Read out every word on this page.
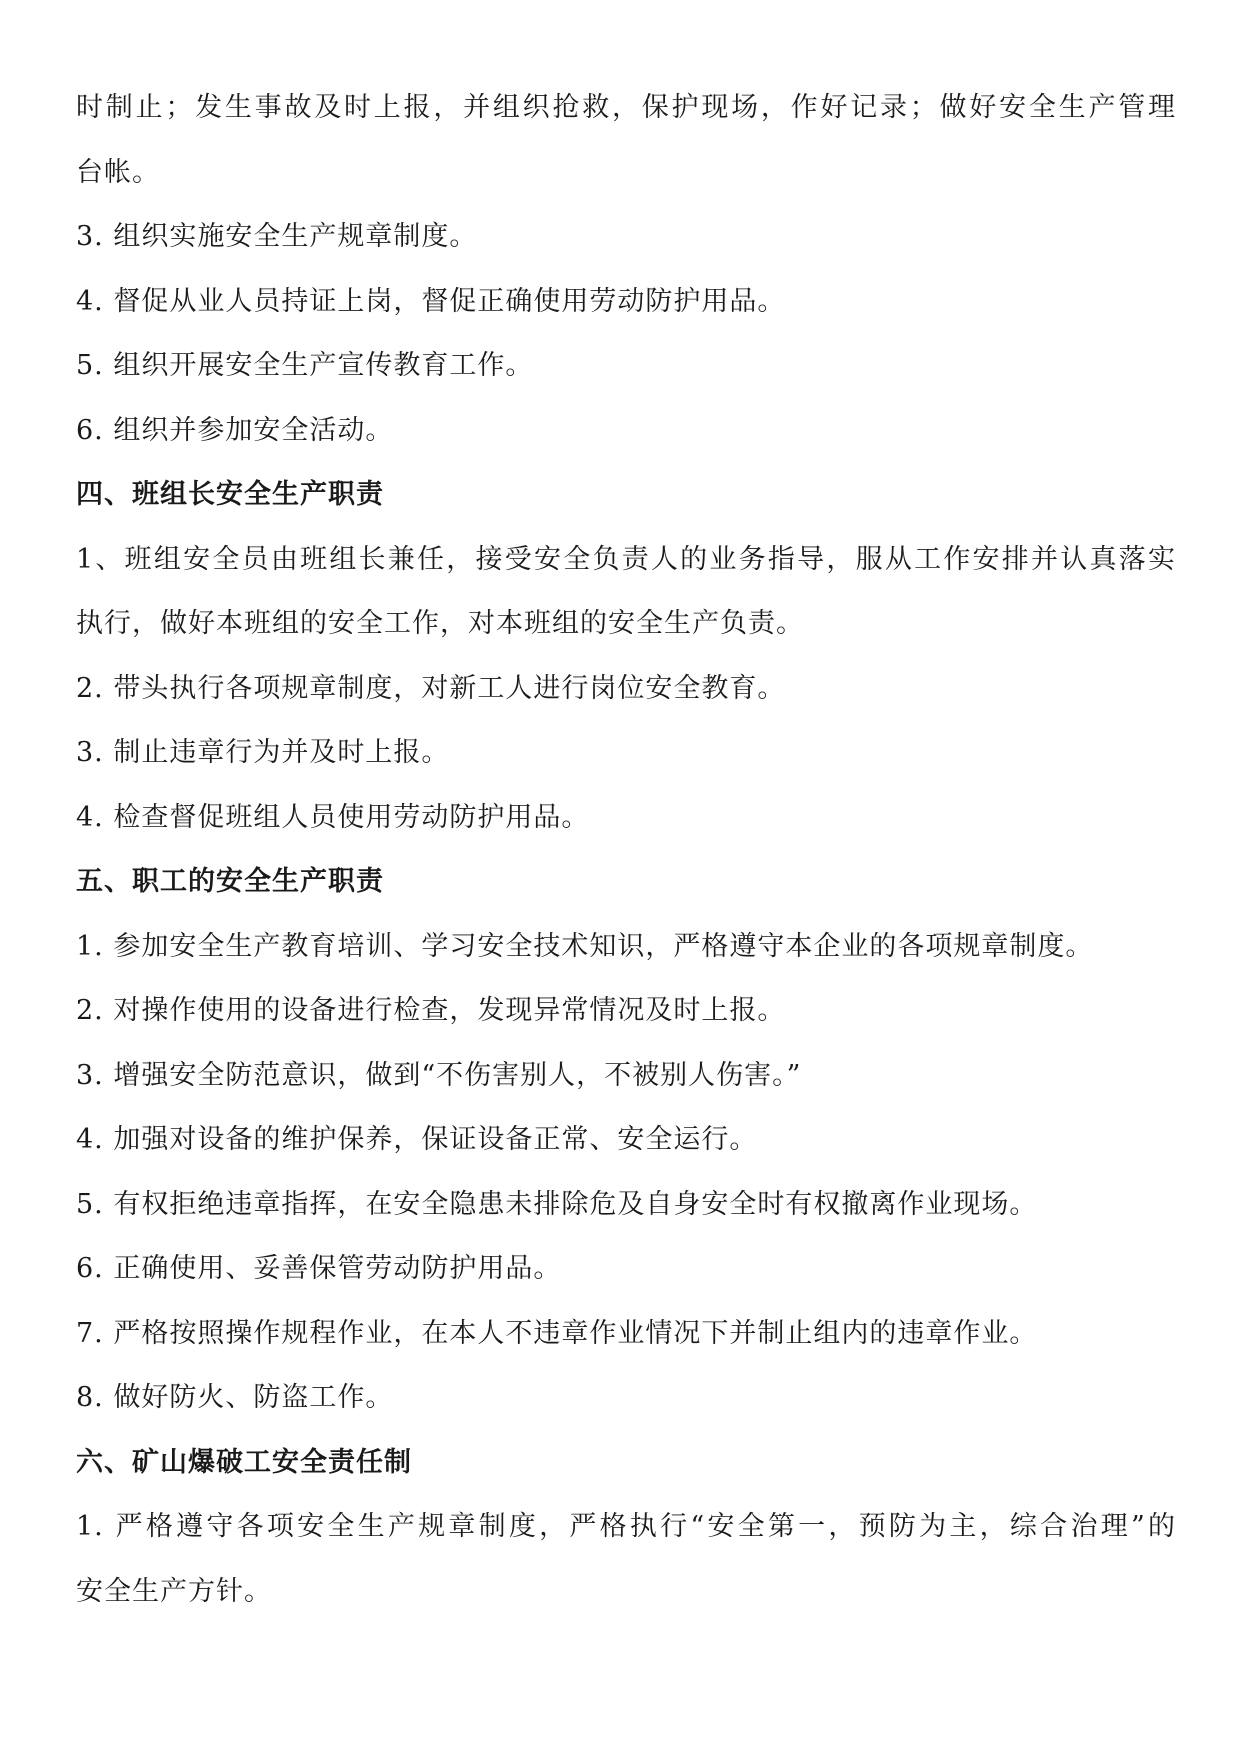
时制止；发生事故及时上报，并组织抢救，保护现场，作好记录；做好安全生产管理

台帐。

3. 组织实施安全生产规章制度。

4. 督促从业人员持证上岗，督促正确使用劳动防护用品。

5. 组织开展安全生产宣传教育工作。

6. 组织并参加安全活动。

四、班组长安全生产职责

1、班组安全员由班组长兼任，接受安全负责人的业务指导，服从工作安排并认真落实

执行，做好本班组的安全工作，对本班组的安全生产负责。

2. 带头执行各项规章制度，对新工人进行岗位安全教育。

3. 制止违章行为并及时上报。

4. 检查督促班组人员使用劳动防护用品。

五、职工的安全生产职责

1. 参加安全生产教育培训、学习安全技术知识，严格遵守本企业的各项规章制度。

2. 对操作使用的设备进行检查，发现异常情况及时上报。

3. 增强安全防范意识，做到“不伤害别人，不被别人伤害。”

4. 加强对设备的维护保养，保证设备正常、安全运行。

5. 有权拒绝违章指挥，在安全隐患未排除危及自身安全时有权撤离作业现场。

6. 正确使用、妥善保管劳动防护用品。

7. 严格按照操作规程作业，在本人不违章作业情况下并制止组内的违章作业。

8. 做好防火、防盗工作。

六、矿山爆破工安全责任制

1. 严格遵守各项安全生产规章制度，严格执行“安全第一，预防为主，综合治理”的

安全生产方针。
